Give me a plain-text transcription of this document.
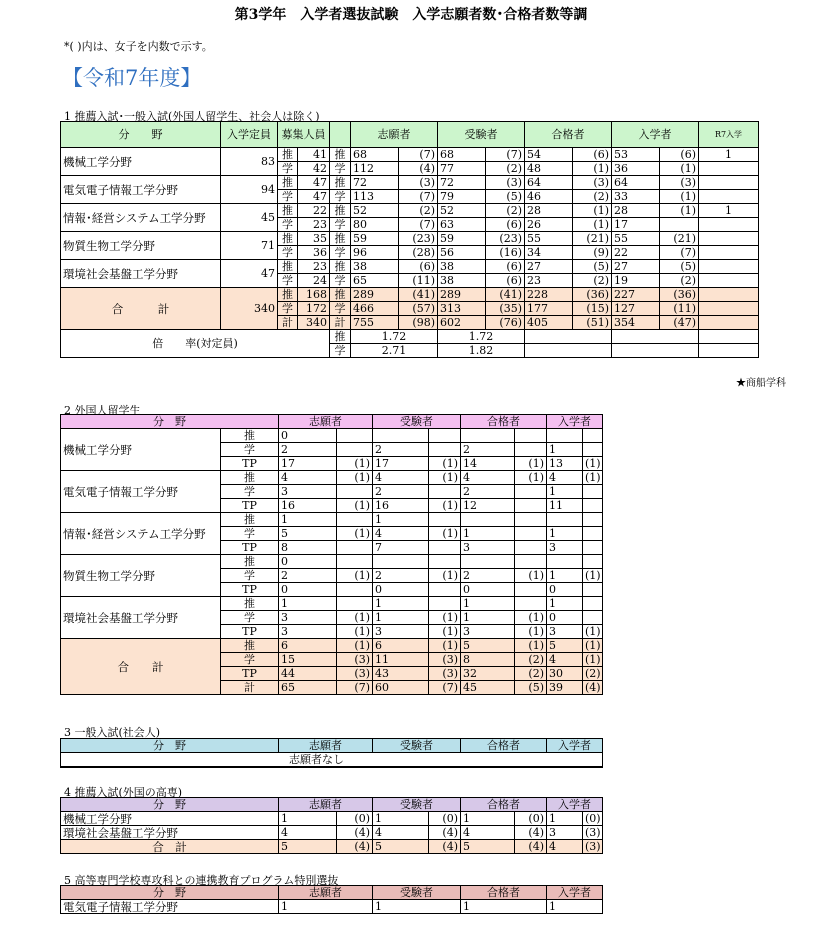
第3学年　入学者選抜試験　入学志願者数･合格者数等調
*( )内は、女子を内数で示す。
【令和7年度】
1 推薦入試･一般入試(外国人留学生、社会人は除く)
分　　野	入学定員	募集人員			志願者		受験者		合格者		入学者		R7入学
機械工学分野	83	推	41	推	68	(7)	68	(7)	54	(6)	53	(6)	1
		学	42	学	112	(4)	77	(2)	48	(1)	36	(1)	
電気電子情報工学分野	94	推	47	推	72	(3)	72	(3)	64	(3)	64	(3)	
		学	47	学	113	(7)	79	(5)	46	(2)	33	(1)	
情報･経営システム工学分野	45	推	22	推	52	(2)	52	(2)	28	(1)	28	(1)	1
		学	23	学	80	(7)	63	(6)	26	(1)	17		
物質生物工学分野	71	推	35	推	59	(23)	59	(23)	55	(21)	55	(21)	
		学	36	学	96	(28)	56	(16)	34	(9)	22	(7)	
環境社会基盤工学分野	47	推	23	推	38	(6)	38	(6)	27	(5)	27	(5)	
		学	24	学	65	(11)	38	(6)	23	(2)	19	(2)	
合　　　計	340	推	168	推	289	(41)	289	(41)	228	(36)	227	(36)	
		学	172	学	466	(57)	313	(35)	177	(15)	127	(11)	
		計	340	計	755	(98)	602	(76)	405	(51)	354	(47)	
倍　　率(対定員)				推	1.72		1.72						
				学	2.71		1.82						
★商船学科
2 外国人留学生
分　野		志願者		受験者		合格者		入学者	
機械工学分野	推	0							
	学	2		2		2		1	
	TP	17	(1)	17	(1)	14	(1)	13	(1)
電気電子情報工学分野	推	4	(1)	4	(1)	4	(1)	4	(1)
	学	3		2		2		1	
	TP	16	(1)	16	(1)	12		11	
情報･経営システム工学分野	推	1		1					
	学	5	(1)	4	(1)	1		1	
	TP	8		7		3		3	
物質生物工学分野	推	0							
	学	2	(1)	2	(1)	2	(1)	1	(1)
	TP	0		0		0		0	
環境社会基盤工学分野	推	1		1		1		1	
	学	3	(1)	1	(1)	1	(1)	0	
	TP	3	(1)	3	(1)	3	(1)	3	(1)
合　　計	推	6	(1)	6	(1)	5	(1)	5	(1)
	学	15	(3)	11	(3)	8	(2)	4	(1)
	TP	44	(3)	43	(3)	32	(2)	30	(2)
	計	65	(7)	60	(7)	45	(5)	39	(4)
3 一般入試(社会人)
分　野	志願者	受験者	合格者	入学者
志願者なし
4 推薦入試(外国の高専)
分　野	志願者		受験者		合格者		入学者	
機械工学分野	1	(0)	1	(0)	1	(0)	1	(0)
環境社会基盤工学分野	4	(4)	4	(4)	4	(4)	3	(3)
合　計	5	(4)	5	(4)	5	(4)	4	(3)
5 高等専門学校専攻科との連携教育プログラム特別選抜
分　野	志願者	受験者	合格者	入学者
電気電子情報工学分野	1	1	1	1
